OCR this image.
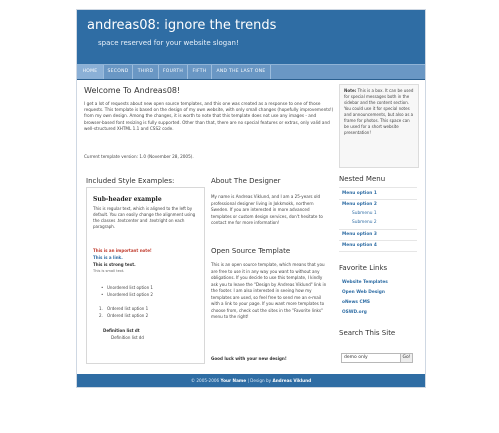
andreas08: ignore the trends
space reserved for your website slogan!
HOME	SECOND	THIRD	FOURTH	FIFTH	AND THE LAST ONE
Welcome To Andreas08!
I get a lot of requests about new open source templates, and this one was created as a response to one of those requests. This template is based on the design of my own website, with only small changes (hopefully improvements!) from my own design. Among the changes, it is worth to note that this template does not use any images - and browser-based font resizing is fully supported. Other than that, there are no special features or extras, only valid and well-structured XHTML 1.1 and CSS2 code.
Current template version: 1.0 (November 28, 2005).
Included Style Examples:
Sub-header example
This is regular text, which is aligned to the left by default. You can easily change the alignment using the classes .textcenter and .textright on each paragraph.
This is an important note!
This is a link.
This is strong text.
This is small text.
• Unordered list option 1
• Unordered list option 2
1. Ordered list option 1
2. Ordered list option 2
Definition list dt
Definition list dd
About The Designer
My name is Andreas Viklund, and I am a 25-years old professional designer living in Jokkmokk, northern Sweden. If you are interested in more advanced templates or custom design services, don't hesitate to contact me for more information!
Open Source Template
This is an open source template, which means that you are free to use it in any way you want to without any obligations. If you decide to use this template, I kindly ask you to leave the "Design by Andreas Viklund" link in the footer. I am also interested in seeing how my templates are used, so feel free to send me an e-mail with a link to your page. If you want more templates to choose from, check out the sites in the "Favorite links" menu to the right!
Good luck with your new design!
Note: This is a box. It can be used for special messages both in the sidebar and the content section. You could use it for special notes and announcements, but also as a frame for photos. This space can be used for a short website presentation!
Nested Menu
Menu option 1
Menu option 2
Submenu 1
Submenu 2
Menu option 3
Menu option 4
Favorite Links
Website Templates
Open Web Design
oNews CMS
OSWD.org
Search This Site
demo only	Go!
© 2005-2006 Your Name | Design by Andreas Viklund
